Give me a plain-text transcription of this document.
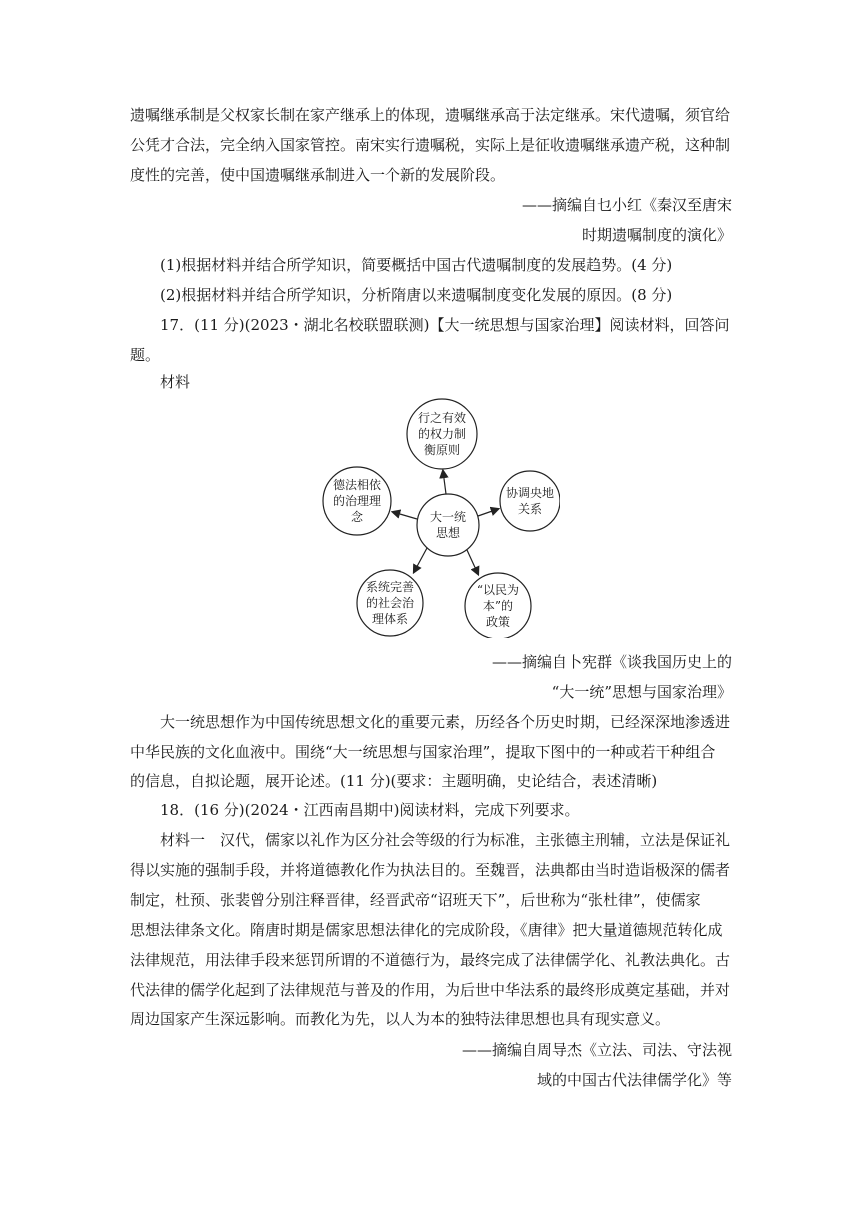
遗嘱继承制是父权家长制在家产继承上的体现，遗嘱继承高于法定继承。宋代遗嘱，须官给
公凭才合法，完全纳入国家管控。南宋实行遗嘱税，实际上是征收遗嘱继承遗产税，这种制
度性的完善，使中国遗嘱继承制进入一个新的发展阶段。
——摘编自乜小红《秦汉至唐宋
时期遗嘱制度的演化》
(1)根据材料并结合所学知识，简要概括中国古代遗嘱制度的发展趋势。(4 分)
(2)根据材料并结合所学知识，分析隋唐以来遗嘱制度变化发展的原因。(8 分)
17．(11 分)(2023・湖北名校联盟联测)【大一统思想与国家治理】阅读材料，回答问
题。
材料
行之有效
的权力制
衡原则
德法相依
的治理理
念
协调央地
关系
大一统
思想
系统完善
的社会治
理体系
“以民为
本”的
政策
——摘编自卜宪群《谈我国历史上的
“大一统”思想与国家治理》
大一统思想作为中国传统思想文化的重要元素，历经各个历史时期，已经深深地渗透进
中华民族的文化血液中。围绕“大一统思想与国家治理”，提取下图中的一种或若干种组合
的信息，自拟论题，展开论述。(11 分)(要求：主题明确，史论结合，表述清晰)
18．(16 分)(2024・江西南昌期中)阅读材料，完成下列要求。
材料一　汉代，儒家以礼作为区分社会等级的行为标准，主张德主刑辅，立法是保证礼
得以实施的强制手段，并将道德教化作为执法目的。至魏晋，法典都由当时造诣极深的儒者
制定，杜预、张裴曾分别注释晋律，经晋武帝“诏班天下”，后世称为“张杜律”，使儒家
思想法律条文化。隋唐时期是儒家思想法律化的完成阶段，《唐律》把大量道德规范转化成
法律规范，用法律手段来惩罚所谓的不道德行为，最终完成了法律儒学化、礼教法典化。古
代法律的儒学化起到了法律规范与普及的作用，为后世中华法系的最终形成奠定基础，并对
周边国家产生深远影响。而教化为先，以人为本的独特法律思想也具有现实意义。
——摘编自周导杰《立法、司法、守法视
域的中国古代法律儒学化》等
